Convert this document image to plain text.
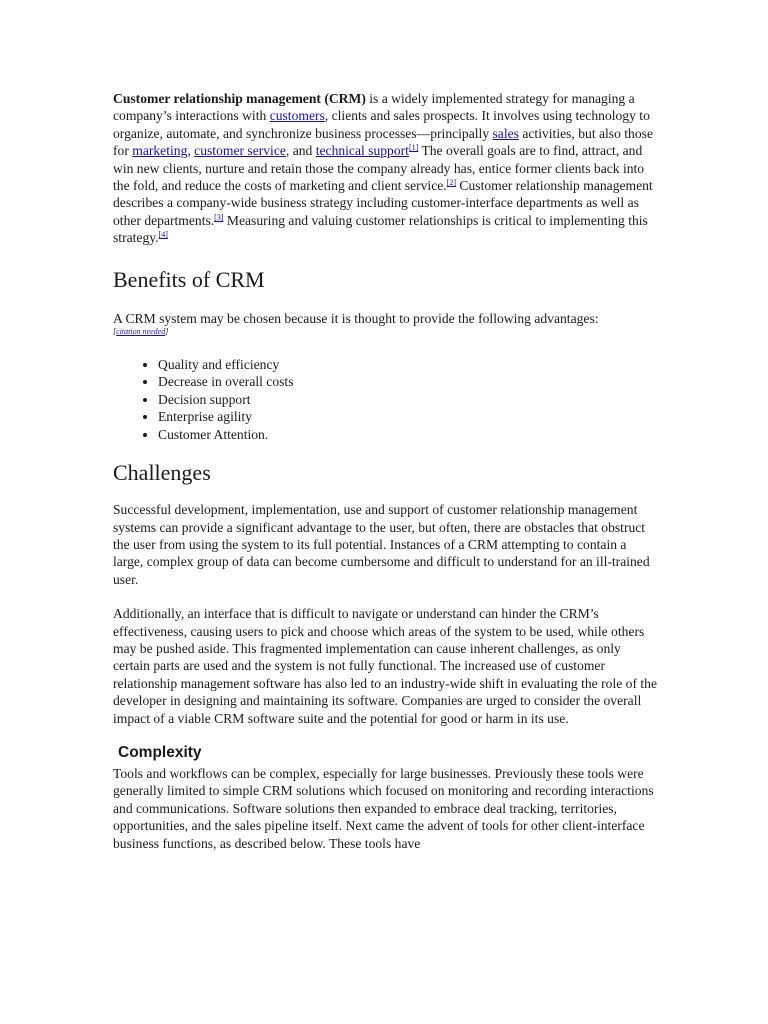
Customer relationship management (CRM) is a widely implemented strategy for managing a company’s interactions with customers, clients and sales prospects. It involves using technology to organize, automate, and synchronize business processes—principally sales activities, but also those for marketing, customer service, and technical support[1] The overall goals are to find, attract, and win new clients, nurture and retain those the company already has, entice former clients back into the fold, and reduce the costs of marketing and client service.[2] Customer relationship management describes a company-wide business strategy including customer-interface departments as well as other departments.[3] Measuring and valuing customer relationships is critical to implementing this strategy.[4]

Benefits of CRM

A CRM system may be chosen because it is thought to provide the following advantages:
[citation needed]

• Quality and efficiency
• Decrease in overall costs
• Decision support
• Enterprise agility
• Customer Attention.
Challenges

Successful development, implementation, use and support of customer relationship management systems can provide a significant advantage to the user, but often, there are obstacles that obstruct the user from using the system to its full potential. Instances of a CRM attempting to contain a large, complex group of data can become cumbersome and difficult to understand for an ill-trained user.

Additionally, an interface that is difficult to navigate or understand can hinder the CRM’s effectiveness, causing users to pick and choose which areas of the system to be used, while others may be pushed aside. This fragmented implementation can cause inherent challenges, as only certain parts are used and the system is not fully functional. The increased use of customer relationship management software has also led to an industry-wide shift in evaluating the role of the developer in designing and maintaining its software. Companies are urged to consider the overall impact of a viable CRM software suite and the potential for good or harm in its use.

Complexity

Tools and workflows can be complex, especially for large businesses. Previously these tools were generally limited to simple CRM solutions which focused on monitoring and recording interactions and communications. Software solutions then expanded to embrace deal tracking, territories, opportunities, and the sales pipeline itself. Next came the advent of tools for other client-interface business functions, as described below. These tools have
